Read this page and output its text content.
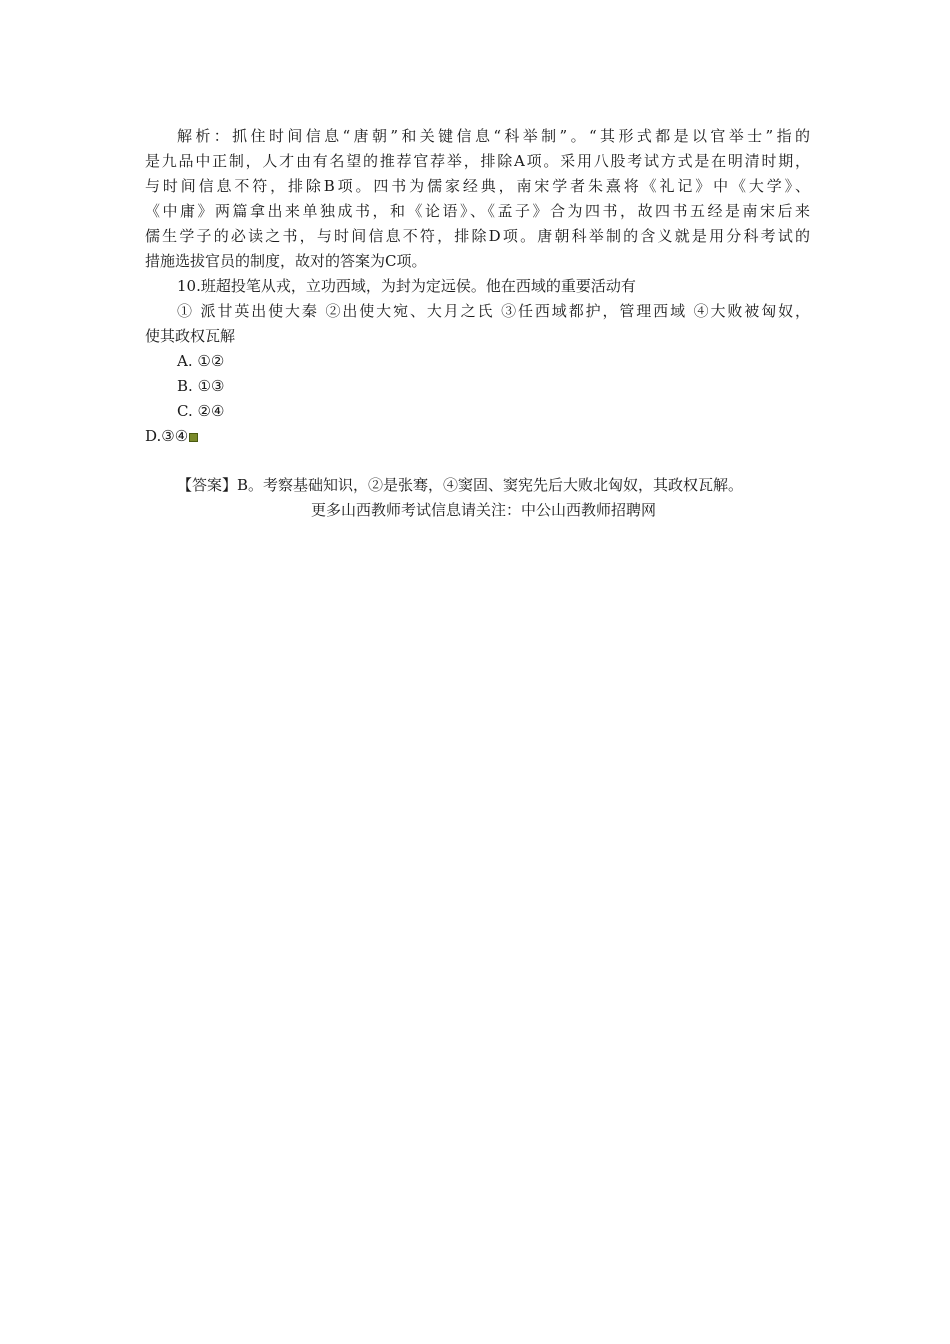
解析：抓住时间信息“唐朝”和关键信息“科举制”。“其形式都是以官举士”指的
是九品中正制，人才由有名望的推荐官荐举，排除A项。采用八股考试方式是在明清时期，
与时间信息不符，排除B项。四书为儒家经典，南宋学者朱熹将《礼记》中《大学》、
《中庸》两篇拿出来单独成书，和《论语》、《孟子》合为四书，故四书五经是南宋后来
儒生学子的必读之书，与时间信息不符，排除D项。唐朝科举制的含义就是用分科考试的
措施选拔官员的制度，故对的答案为C项。
10.班超投笔从戎，立功西域，为封为定远侯。他在西域的重要活动有
① 派甘英出使大秦 ②出使大宛、大月之氏 ③任西域都护，管理西域 ④大败被匈奴，
使其政权瓦解
A. ①②
B. ①③
C. ②④
D.③④
【答案】B。考察基础知识，②是张骞，④窦固、窦宪先后大败北匈奴，其政权瓦解。
更多山西教师考试信息请关注：中公山西教师招聘网
